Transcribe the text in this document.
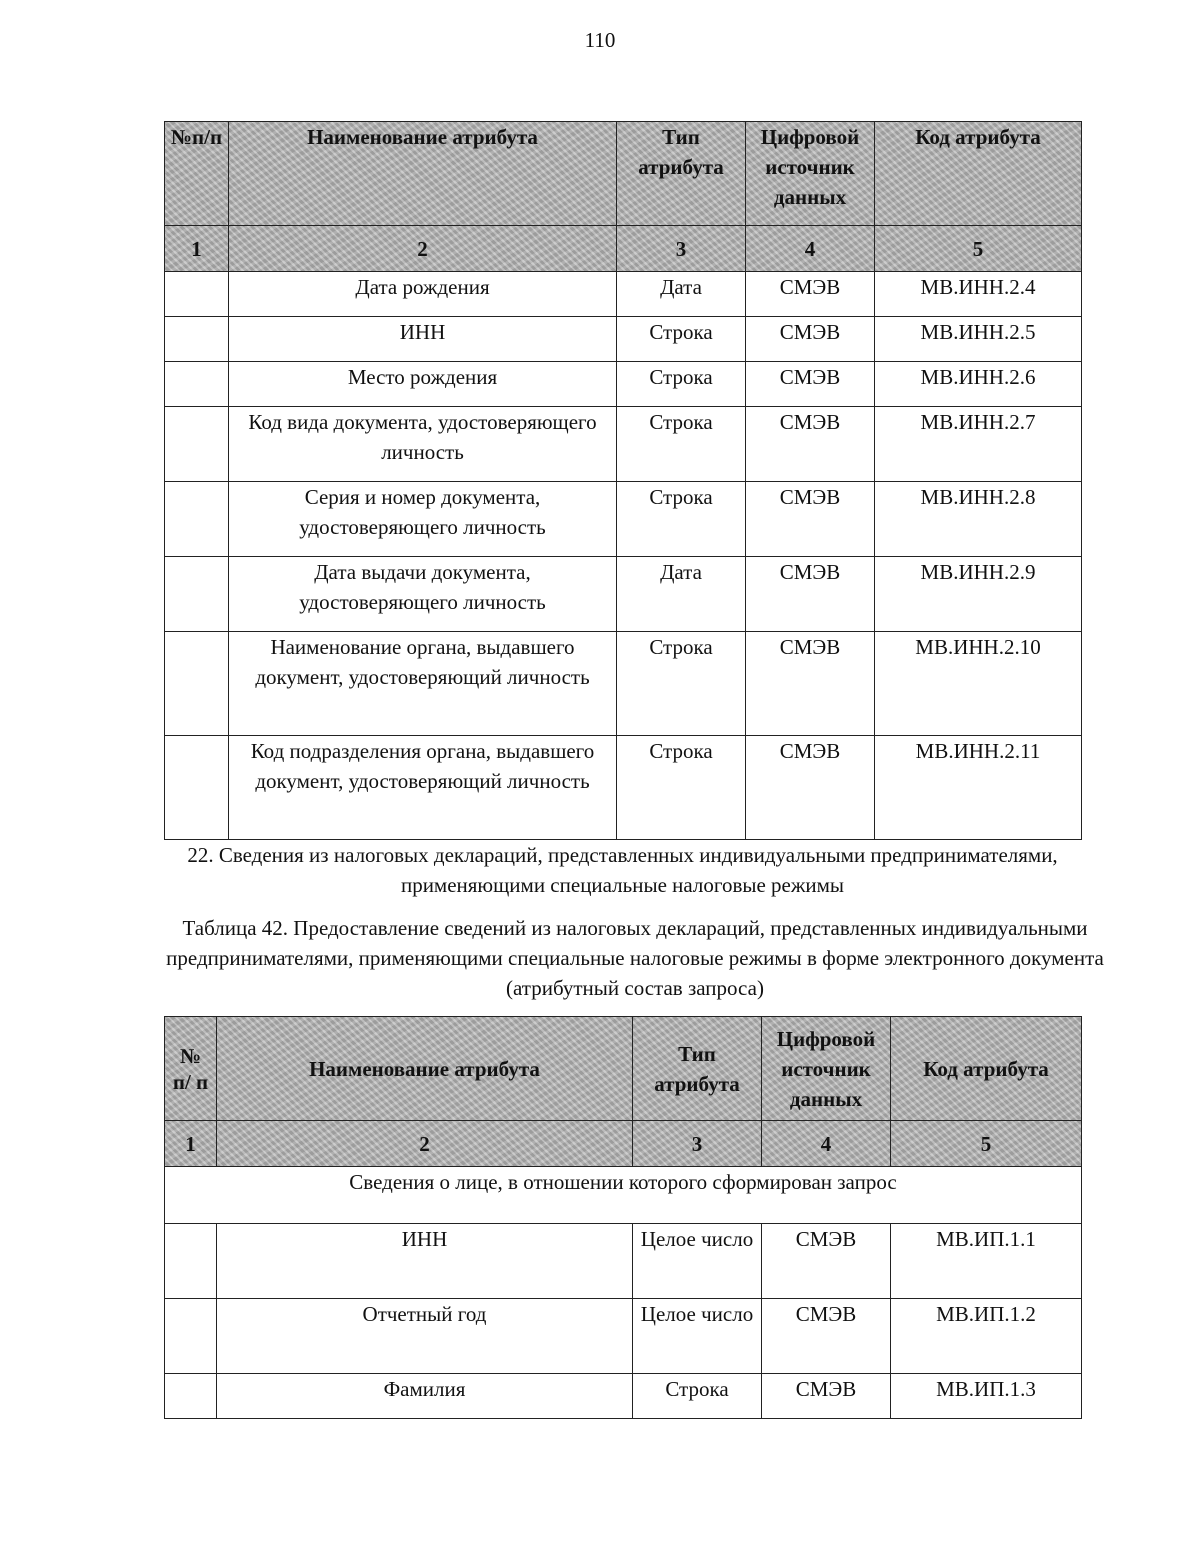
110
№п/п	Наименование атрибута	Тип атрибута	Цифровой источник данных	Код атрибута
1	2	3	4	5
	Дата рождения	Дата	СМЭВ	МВ.ИНН.2.4
	ИНН	Строка	СМЭВ	МВ.ИНН.2.5
	Место рождения	Строка	СМЭВ	МВ.ИНН.2.6
	Код вида документа, удостоверяющего личность	Строка	СМЭВ	МВ.ИНН.2.7
	Серия и номер документа, удостоверяющего личность	Строка	СМЭВ	МВ.ИНН.2.8
	Дата выдачи документа, удостоверяющего личность	Дата	СМЭВ	МВ.ИНН.2.9
	Наименование органа, выдавшего документ, удостоверяющий личность	Строка	СМЭВ	МВ.ИНН.2.10
	Код подразделения органа, выдавшего документ, удостоверяющий личность	Строка	СМЭВ	МВ.ИНН.2.11
22. Сведения из налоговых деклараций, представленных индивидуальными предпринимателями, применяющими специальные налоговые режимы
Таблица 42. Предоставление сведений из налоговых деклараций, представленных индивидуальными предпринимателями, применяющими специальные налоговые режимы в форме электронного документа (атрибутный состав запроса)
№ п/ п	Наименование атрибута	Тип атрибута	Цифровой источник данных	Код атрибута
1	2	3	4	5
Сведения о лице, в отношении которого сформирован запрос				
	ИНН	Целое число	СМЭВ	МВ.ИП.1.1
	Отчетный год	Целое число	СМЭВ	МВ.ИП.1.2
	Фамилия	Строка	СМЭВ	МВ.ИП.1.3
